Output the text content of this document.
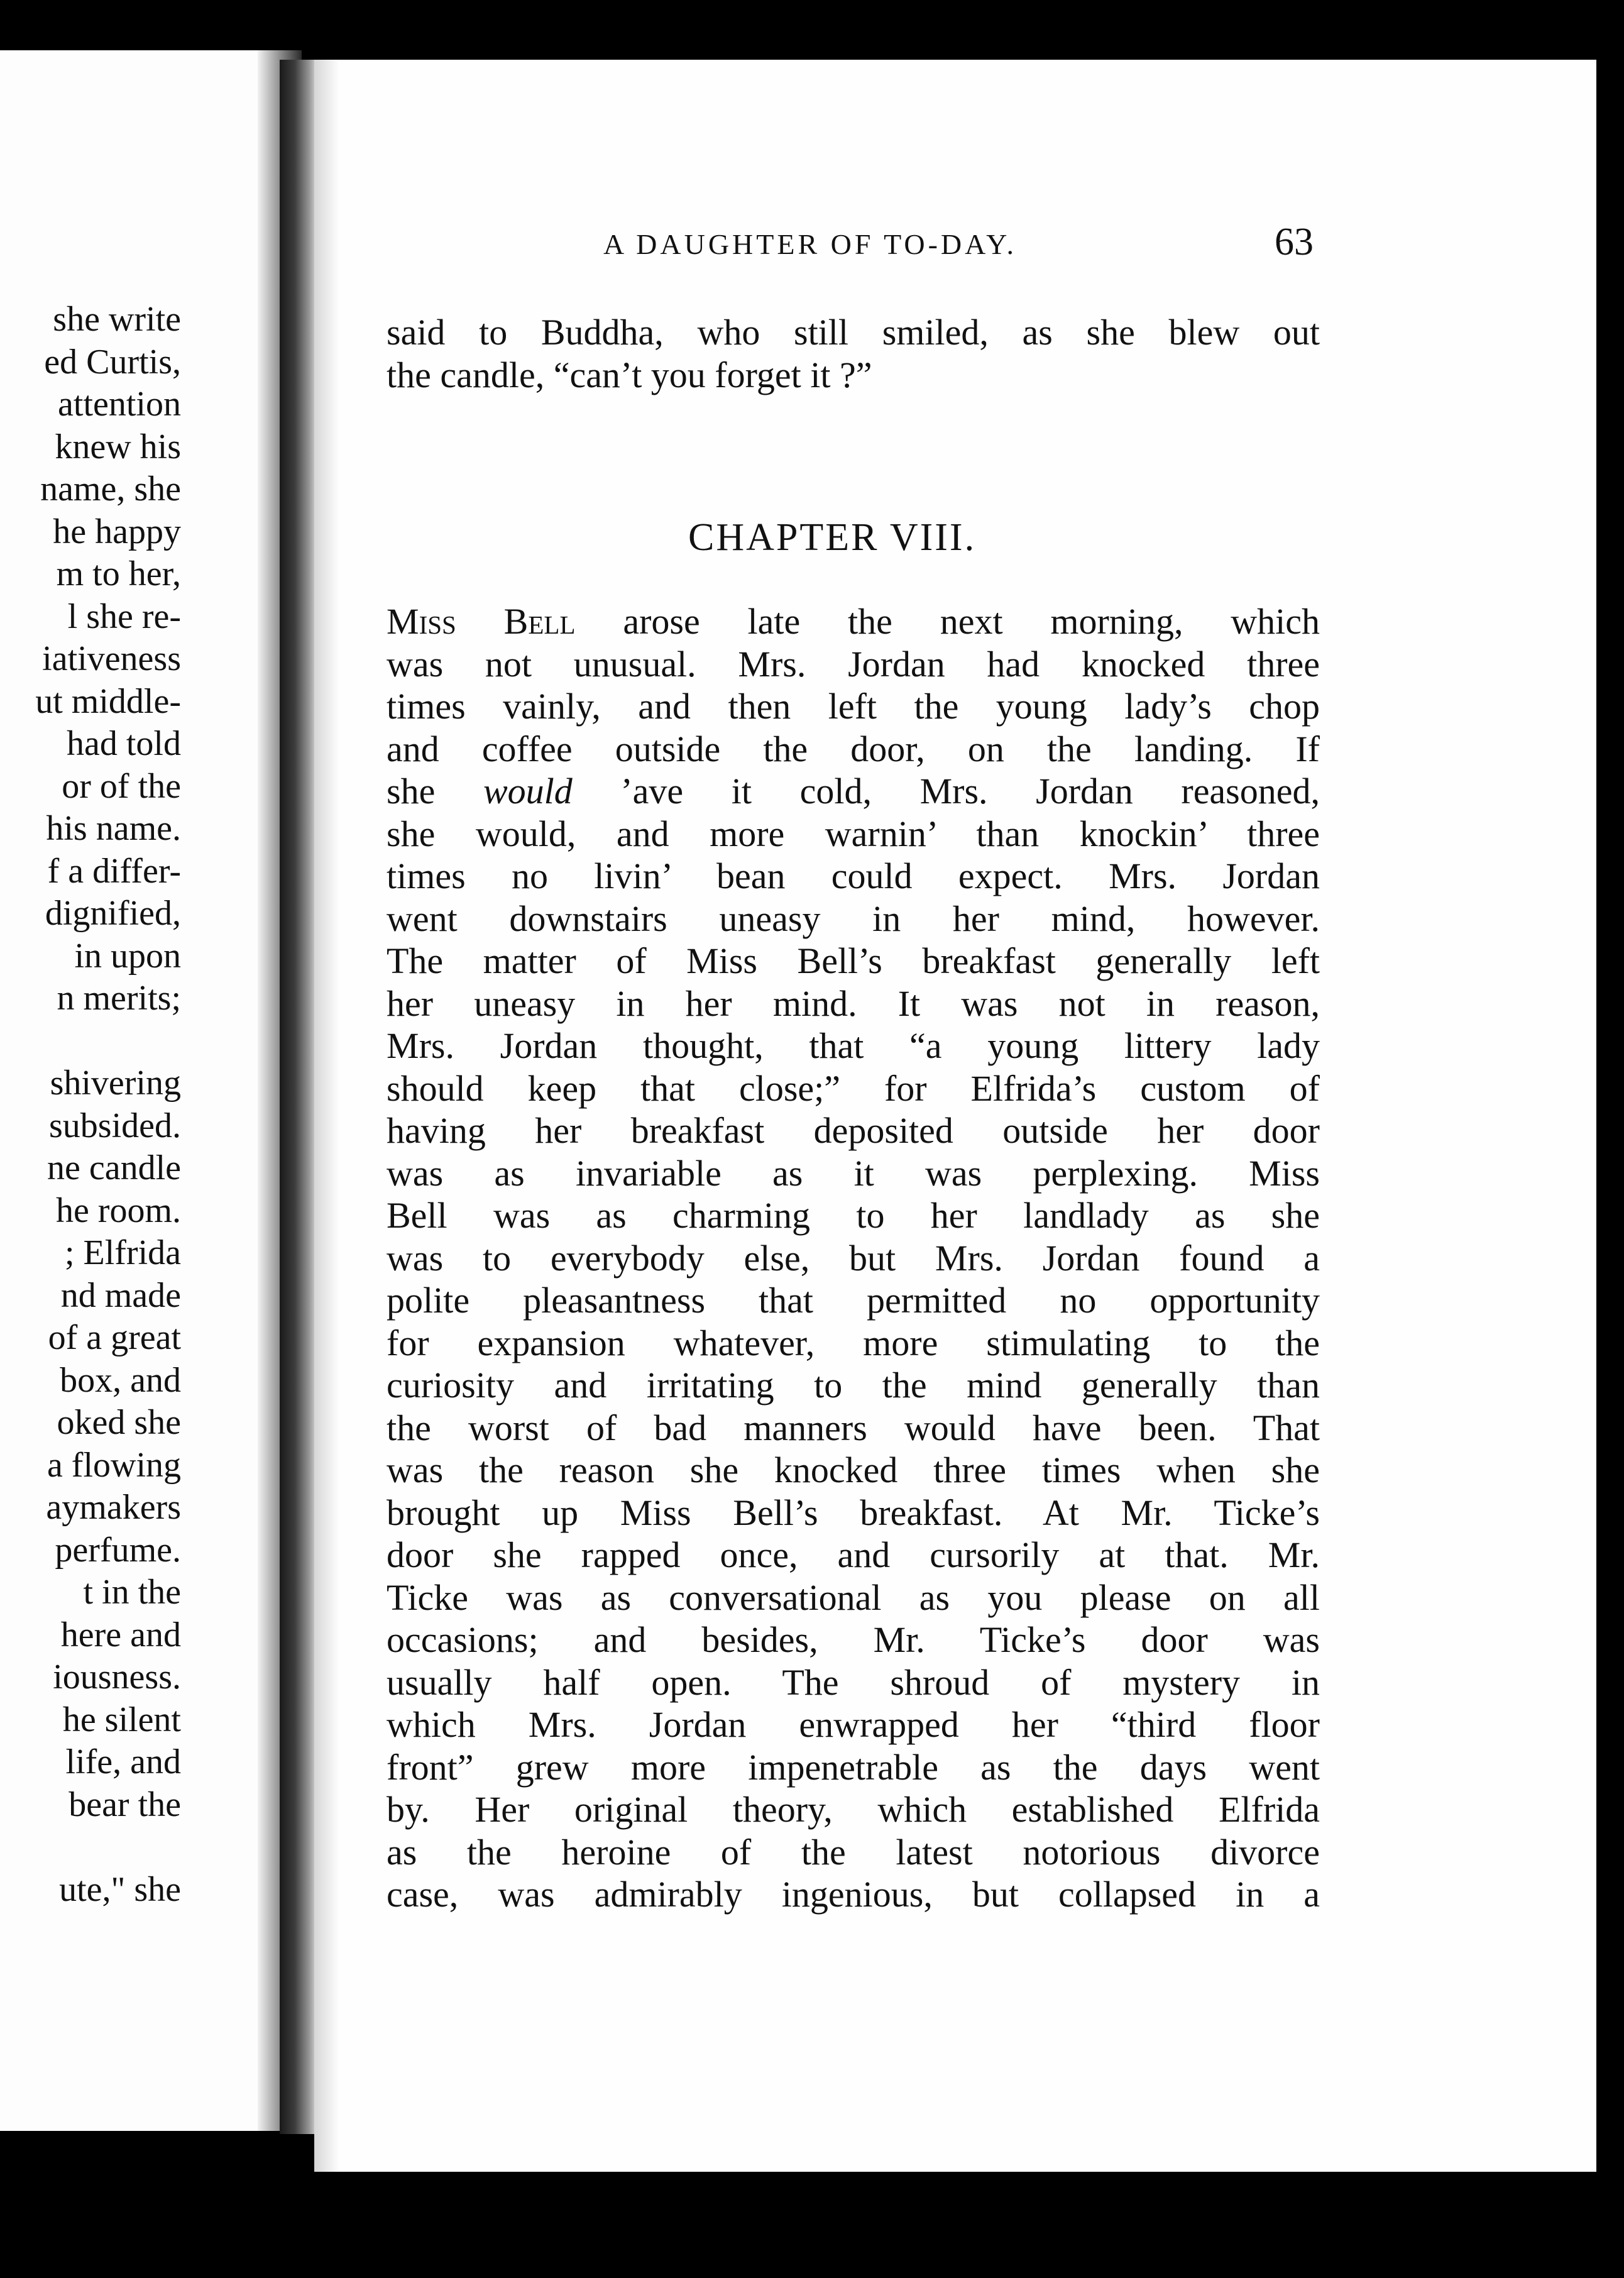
she write
ed Curtis,
attention
knew his
name, she
he happy
m to her,
l she re-
iativeness
ut middle-
had told
or of the
his name.
f a differ-
dignified,
in upon
n merits;
shivering
subsided.
ne candle
he room.
; Elfrida
nd made
of a great
box, and
oked she
a flowing
aymakers
perfume.
t in the
here and
iousness.
he silent
life, and
bear the
ute," she
A DAUGHTER OF TO-DAY.	63
said to Buddha, who still smiled, as she blew out
the candle, “can’t you forget it ?”
CHAPTER VIII.
Miss Bell arose late the next morning, which
was not unusual. Mrs. Jordan had knocked three
times vainly, and then left the young lady’s chop
and coffee outside the door, on the landing. If
she would ’ave it cold, Mrs. Jordan reasoned,
she would, and more warnin’ than knockin’ three
times no livin’ bean could expect. Mrs. Jordan
went downstairs uneasy in her mind, however.
The matter of Miss Bell’s breakfast generally left
her uneasy in her mind. It was not in reason,
Mrs. Jordan thought, that “a young littery lady
should keep that close;” for Elfrida’s custom of
having her breakfast deposited outside her door
was as invariable as it was perplexing. Miss
Bell was as charming to her landlady as she
was to everybody else, but Mrs. Jordan found a
polite pleasantness that permitted no opportunity
for expansion whatever, more stimulating to the
curiosity and irritating to the mind generally than
the worst of bad manners would have been. That
was the reason she knocked three times when she
brought up Miss Bell’s breakfast. At Mr. Ticke’s
door she rapped once, and cursorily at that. Mr.
Ticke was as conversational as you please on all
occasions; and besides, Mr. Ticke’s door was
usually half open. The shroud of mystery in
which Mrs. Jordan enwrapped her “third floor
front” grew more impenetrable as the days went
by. Her original theory, which established Elfrida
as the heroine of the latest notorious divorce
case, was admirably ingenious, but collapsed in a
